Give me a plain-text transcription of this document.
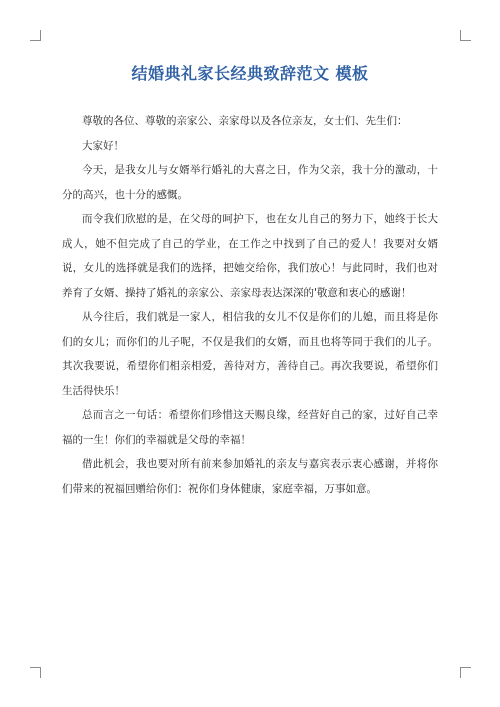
结婚典礼家长经典致辞范文 模板

尊敬的各位、尊敬的亲家公、亲家母以及各位亲友，女士们、先生们：

大家好！

今天，是我女儿与女婿举行婚礼的大喜之日，作为父亲，我十分的激动，十分的高兴，也十分的感慨。

而令我们欣慰的是，在父母的呵护下，也在女儿自己的努力下，她终于长大成人，她不但完成了自己的学业，在工作之中找到了自己的爱人！我要对女婿说，女儿的选择就是我们的选择，把她交给你，我们放心！与此同时，我们也对养育了女婿、操持了婚礼的亲家公、亲家母表达深深的'敬意和衷心的感谢！

从今往后，我们就是一家人，相信我的女儿不仅是你们的儿媳，而且将是你们的女儿；而你们的儿子呢，不仅是我们的女婿，而且也将等同于我们的儿子。其次我要说，希望你们相亲相爱，善待对方，善待自己。再次我要说，希望你们生活得快乐！

总而言之一句话：希望你们珍惜这天赐良缘，经营好自己的家，过好自己幸福的一生！你们的幸福就是父母的幸福！

借此机会，我也要对所有前来参加婚礼的亲友与嘉宾表示衷心感谢，并将你们带来的祝福回赠给你们：祝你们身体健康，家庭幸福，万事如意。
